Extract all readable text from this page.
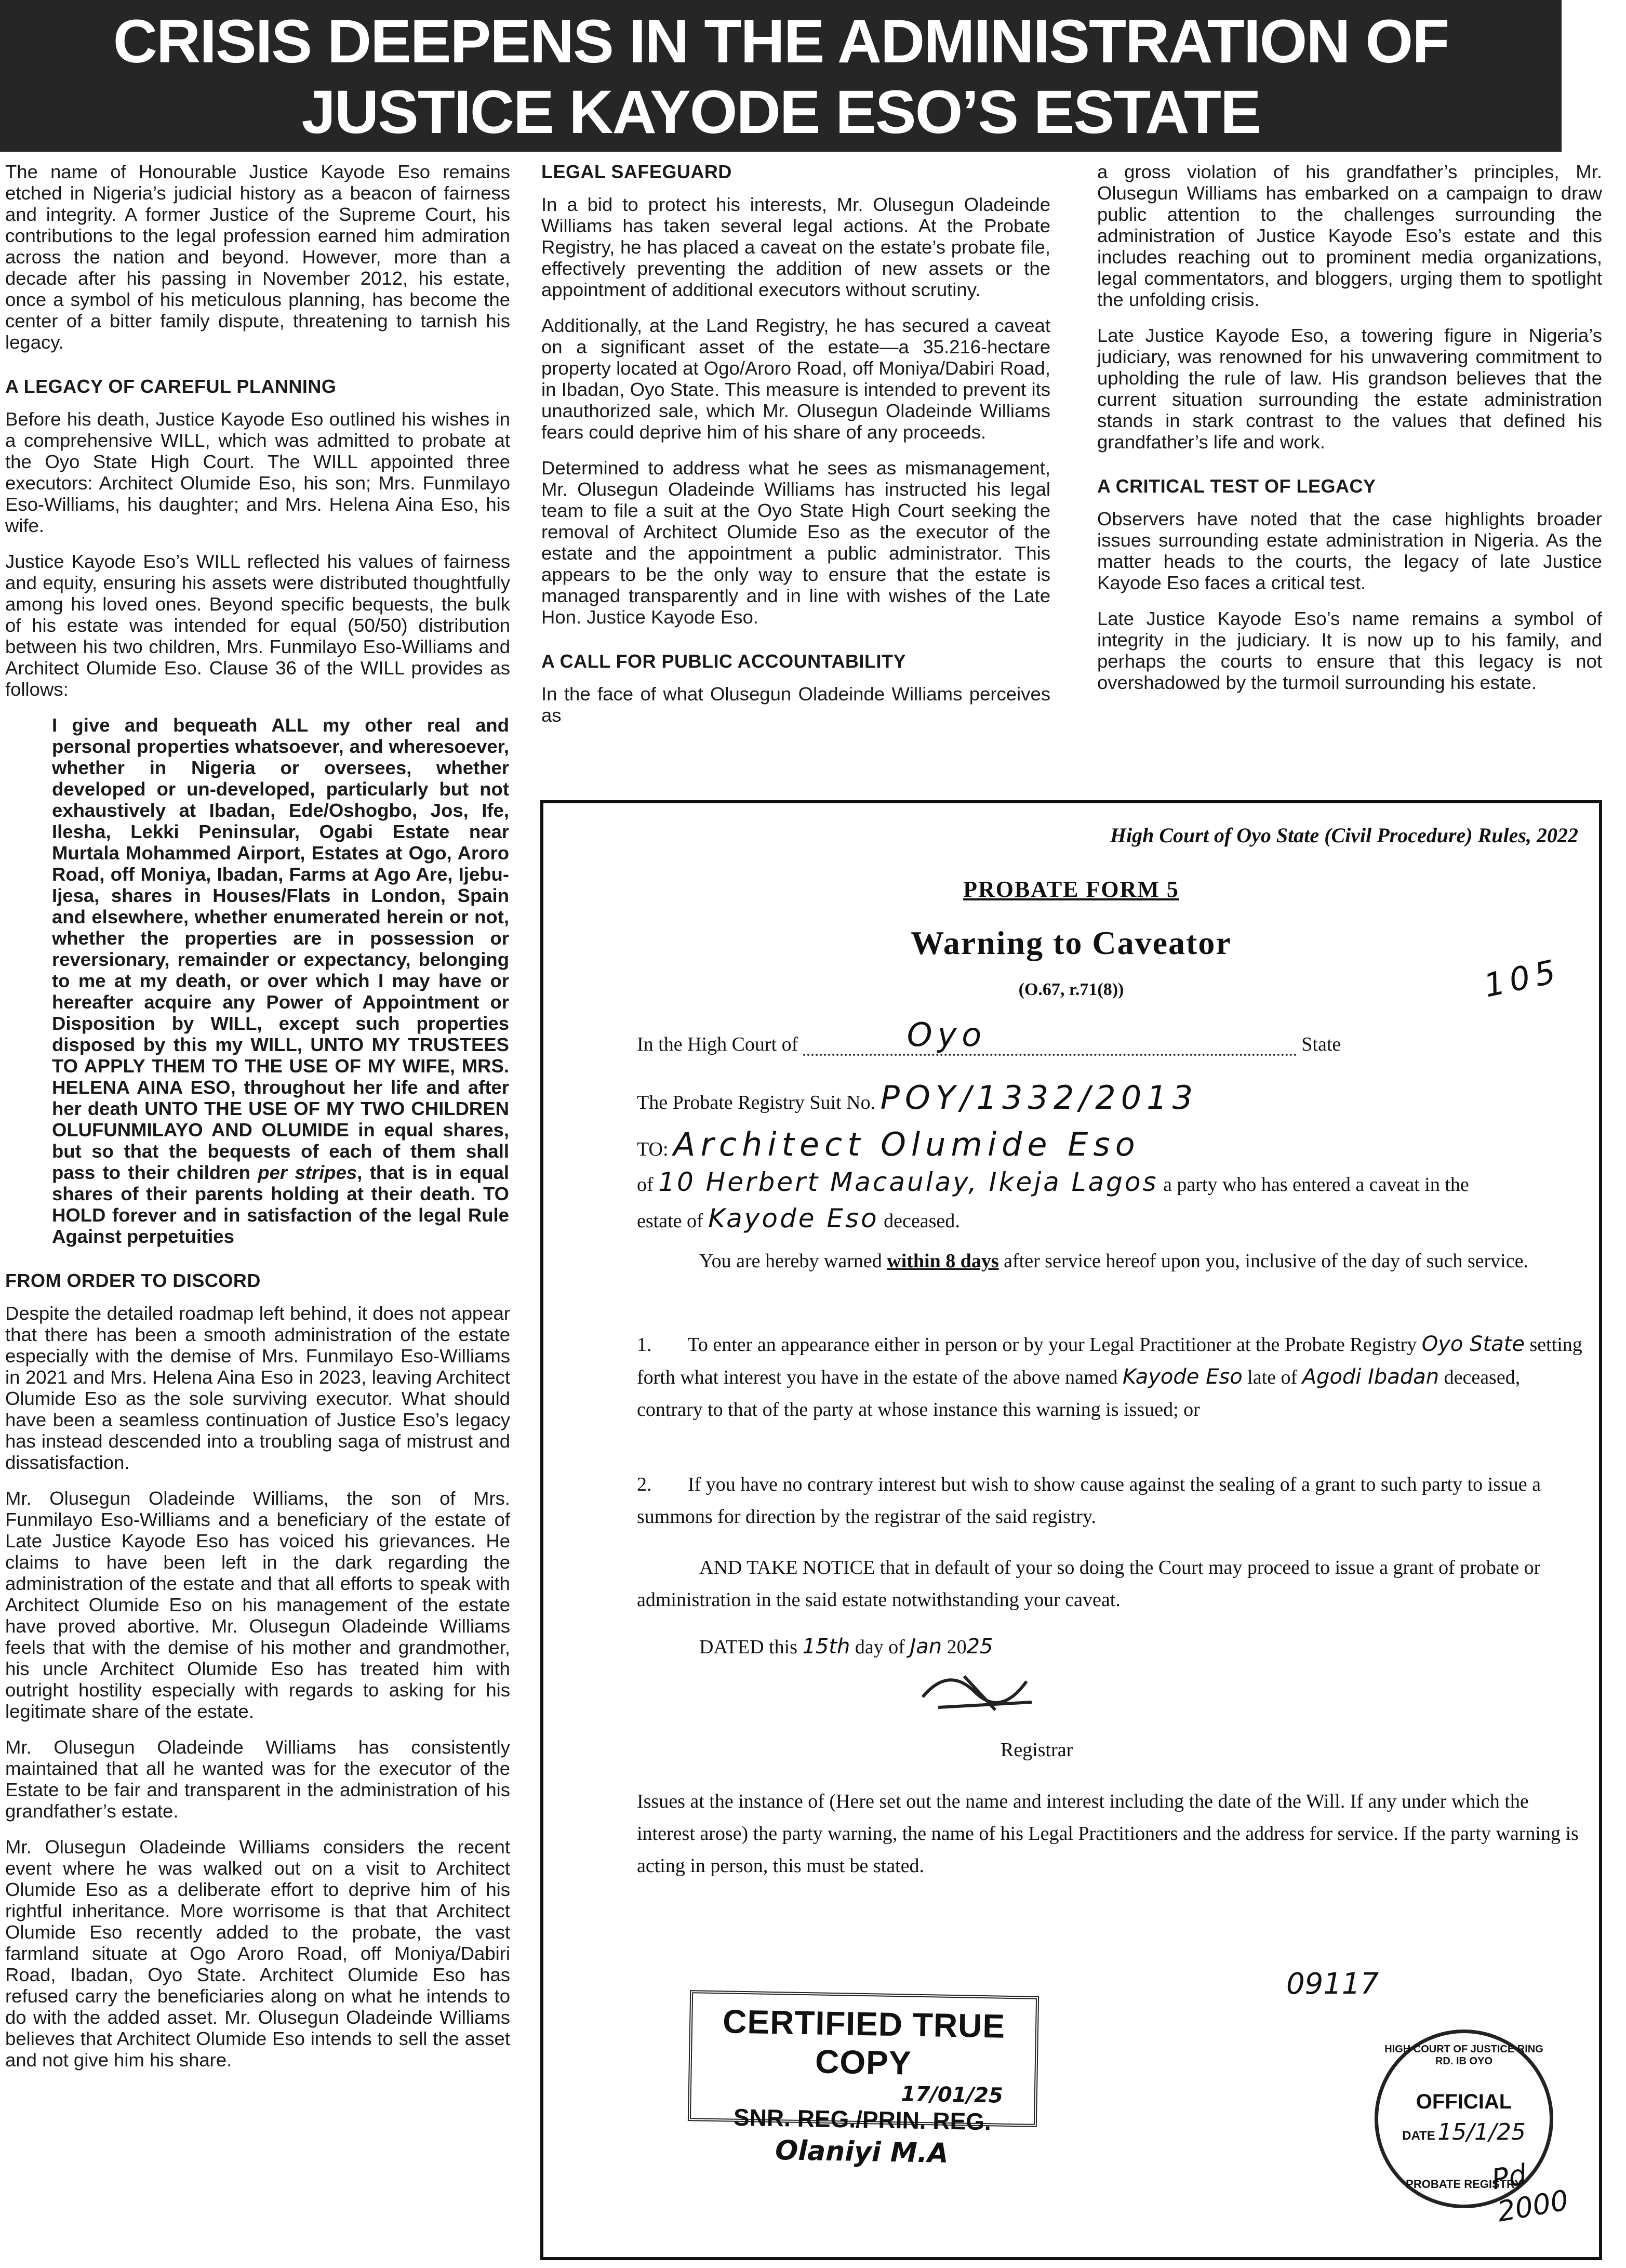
CRISIS DEEPENS IN THE ADMINISTRATION OF
JUSTICE KAYODE ESO’S ESTATE

The name of Honourable Justice Kayode Eso remains etched in Nigeria’s judicial history as a beacon of fairness and integrity. A former Justice of the Supreme Court, his contributions to the legal profession earned him admiration across the nation and beyond. However, more than a decade after his passing in November 2012, his estate, once a symbol of his meticulous planning, has become the center of a bitter family dispute, threatening to tarnish his legacy.

A LEGACY OF CAREFUL PLANNING

Before his death, Justice Kayode Eso outlined his wishes in a comprehensive WILL, which was admitted to probate at the Oyo State High Court. The WILL appointed three executors: Architect Olumide Eso, his son; Mrs. Funmilayo Eso-Williams, his daughter; and Mrs. Helena Aina Eso, his wife.

Justice Kayode Eso’s WILL reflected his values of fairness and equity, ensuring his assets were distributed thoughtfully among his loved ones. Beyond specific bequests, the bulk of his estate was intended for equal (50/50) distribution between his two children, Mrs. Funmilayo Eso-Williams and Architect Olumide Eso. Clause 36 of the WILL provides as follows:

I give and bequeath ALL my other real and personal properties whatsoever, and wheresoever, whether in Nigeria or oversees, whether developed or un-developed, particularly but not exhaustively at Ibadan, Ede/Oshogbo, Jos, Ife, Ilesha, Lekki Peninsular, Ogabi Estate near Murtala Mohammed Airport, Estates at Ogo, Aroro Road, off Moniya, Ibadan, Farms at Ago Are, Ijebu-Ijesa, shares in Houses/Flats in London, Spain and elsewhere, whether enumerated herein or not, whether the properties are in possession or reversionary, remainder or expectancy, belonging to me at my death, or over which I may have or hereafter acquire any Power of Appointment or Disposition by WILL, except such properties disposed by this my WILL, UNTO MY TRUSTEES TO APPLY THEM TO THE USE OF MY WIFE, MRS. HELENA AINA ESO, throughout her life and after her death UNTO THE USE OF MY TWO CHILDREN OLUFUNMILAYO AND OLUMIDE in equal shares, but so that the bequests of each of them shall pass to their children per stripes, that is in equal shares of their parents holding at their death. TO HOLD forever and in satisfaction of the legal Rule Against perpetuities
FROM ORDER TO DISCORD

Despite the detailed roadmap left behind, it does not appear that there has been a smooth administration of the estate especially with the demise of Mrs. Funmilayo Eso-Williams in 2021 and Mrs. Helena Aina Eso in 2023, leaving Architect Olumide Eso as the sole surviving executor. What should have been a seamless continuation of Justice Eso’s legacy has instead descended into a troubling saga of mistrust and dissatisfaction.

Mr. Olusegun Oladeinde Williams, the son of Mrs. Funmilayo Eso-Williams and a beneficiary of the estate of Late Justice Kayode Eso has voiced his grievances. He claims to have been left in the dark regarding the administration of the estate and that all efforts to speak with Architect Olumide Eso on his management of the estate have proved abortive. Mr. Olusegun Oladeinde Williams feels that with the demise of his mother and grandmother, his uncle Architect Olumide Eso has treated him with outright hostility especially with regards to asking for his legitimate share of the estate.

Mr. Olusegun Oladeinde Williams has consistently maintained that all he wanted was for the executor of the Estate to be fair and transparent in the administration of his grandfather’s estate.

Mr. Olusegun Oladeinde Williams considers the recent event where he was walked out on a visit to Architect Olumide Eso as a deliberate effort to deprive him of his rightful inheritance. More worrisome is that that Architect Olumide Eso recently added to the probate, the vast farmland situate at Ogo Aroro Road, off Moniya/Dabiri Road, Ibadan, Oyo State. Architect Olumide Eso has refused carry the beneficiaries along on what he intends to do with the added asset. Mr. Olusegun Oladeinde Williams believes that Architect Olumide Eso intends to sell the asset and not give him his share.

LEGAL SAFEGUARD

In a bid to protect his interests, Mr. Olusegun Oladeinde Williams has taken several legal actions. At the Probate Registry, he has placed a caveat on the estate’s probate file, effectively preventing the addition of new assets or the appointment of additional executors without scrutiny.

Additionally, at the Land Registry, he has secured a caveat on a significant asset of the estate—a 35.216-hectare property located at Ogo/Aroro Road, off Moniya/Dabiri Road, in Ibadan, Oyo State. This measure is intended to prevent its unauthorized sale, which Mr. Olusegun Oladeinde Williams fears could deprive him of his share of any proceeds.

Determined to address what he sees as mismanagement, Mr. Olusegun Oladeinde Williams has instructed his legal team to file a suit at the Oyo State High Court seeking the removal of Architect Olumide Eso as the executor of the estate and the appointment a public administrator. This appears to be the only way to ensure that the estate is managed transparently and in line with wishes of the Late Hon. Justice Kayode Eso.

A CALL FOR PUBLIC ACCOUNTABILITY

In the face of what Olusegun Oladeinde Williams perceives as

a gross violation of his grandfather’s principles, Mr. Olusegun Williams has embarked on a campaign to draw public attention to the challenges surrounding the administration of Justice Kayode Eso’s estate and this includes reaching out to prominent media organizations, legal commentators, and bloggers, urging them to spotlight the unfolding crisis.

Late Justice Kayode Eso, a towering figure in Nigeria’s judiciary, was renowned for his unwavering commitment to upholding the rule of law. His grandson believes that the current situation surrounding the estate administration stands in stark contrast to the values that defined his grandfather’s life and work.

A CRITICAL TEST OF LEGACY

Observers have noted that the case highlights broader issues surrounding estate administration in Nigeria. As the matter heads to the courts, the legacy of late Justice Kayode Eso faces a critical test.

Late Justice Kayode Eso’s name remains a symbol of integrity in the judiciary. It is now up to his family, and perhaps the courts to ensure that this legacy is not overshadowed by the turmoil surrounding his estate.

High Court of Oyo State (Civil Procedure) Rules, 2022
PROBATE FORM 5
Warning to Caveator
(O.67, r.71(8))	105
In the High Court of	Oyo	State
The Probate Registry Suit No. POY/1332/2013
TO: Architect Olumide Eso
of 10 Herbert Macaulay, Ikeja Lagos a party who has entered a caveat in the
estate of Kayode Eso deceased.
You are hereby warned within 8 days after service hereof upon you, inclusive of the day of such service.
1. To enter an appearance either in person or by your Legal Practitioner at the Probate Registry Oyo State setting forth what interest you have in the estate of the above named Kayode Eso late of Agodi Ibadan deceased, contrary to that of the party at whose instance this warning is issued; or
2. If you have no contrary interest but wish to show cause against the sealing of a grant to such party to issue a summons for direction by the registrar of the said registry.
AND TAKE NOTICE that in default of your so doing the Court may proceed to issue a grant of probate or administration in the said estate notwithstanding your caveat.
DATED this 15th day of Jan 2025
Registrar
Issues at the instance of (Here set out the name and interest including the date of the Will. If any under which the interest arose) the party warning, the name of his Legal Practitioners and the address for service. If the party warning is acting in person, this must be stated.
CERTIFIED TRUE COPY
17/01/25
SNR. REG./PRIN. REG.
Olaniyi M.A
09117
HIGH COURT OF JUSTICE RING RD. IB OYO
OFFICIAL
DATE 15/1/25
PROBATE REGISTRY
Pd 2000
